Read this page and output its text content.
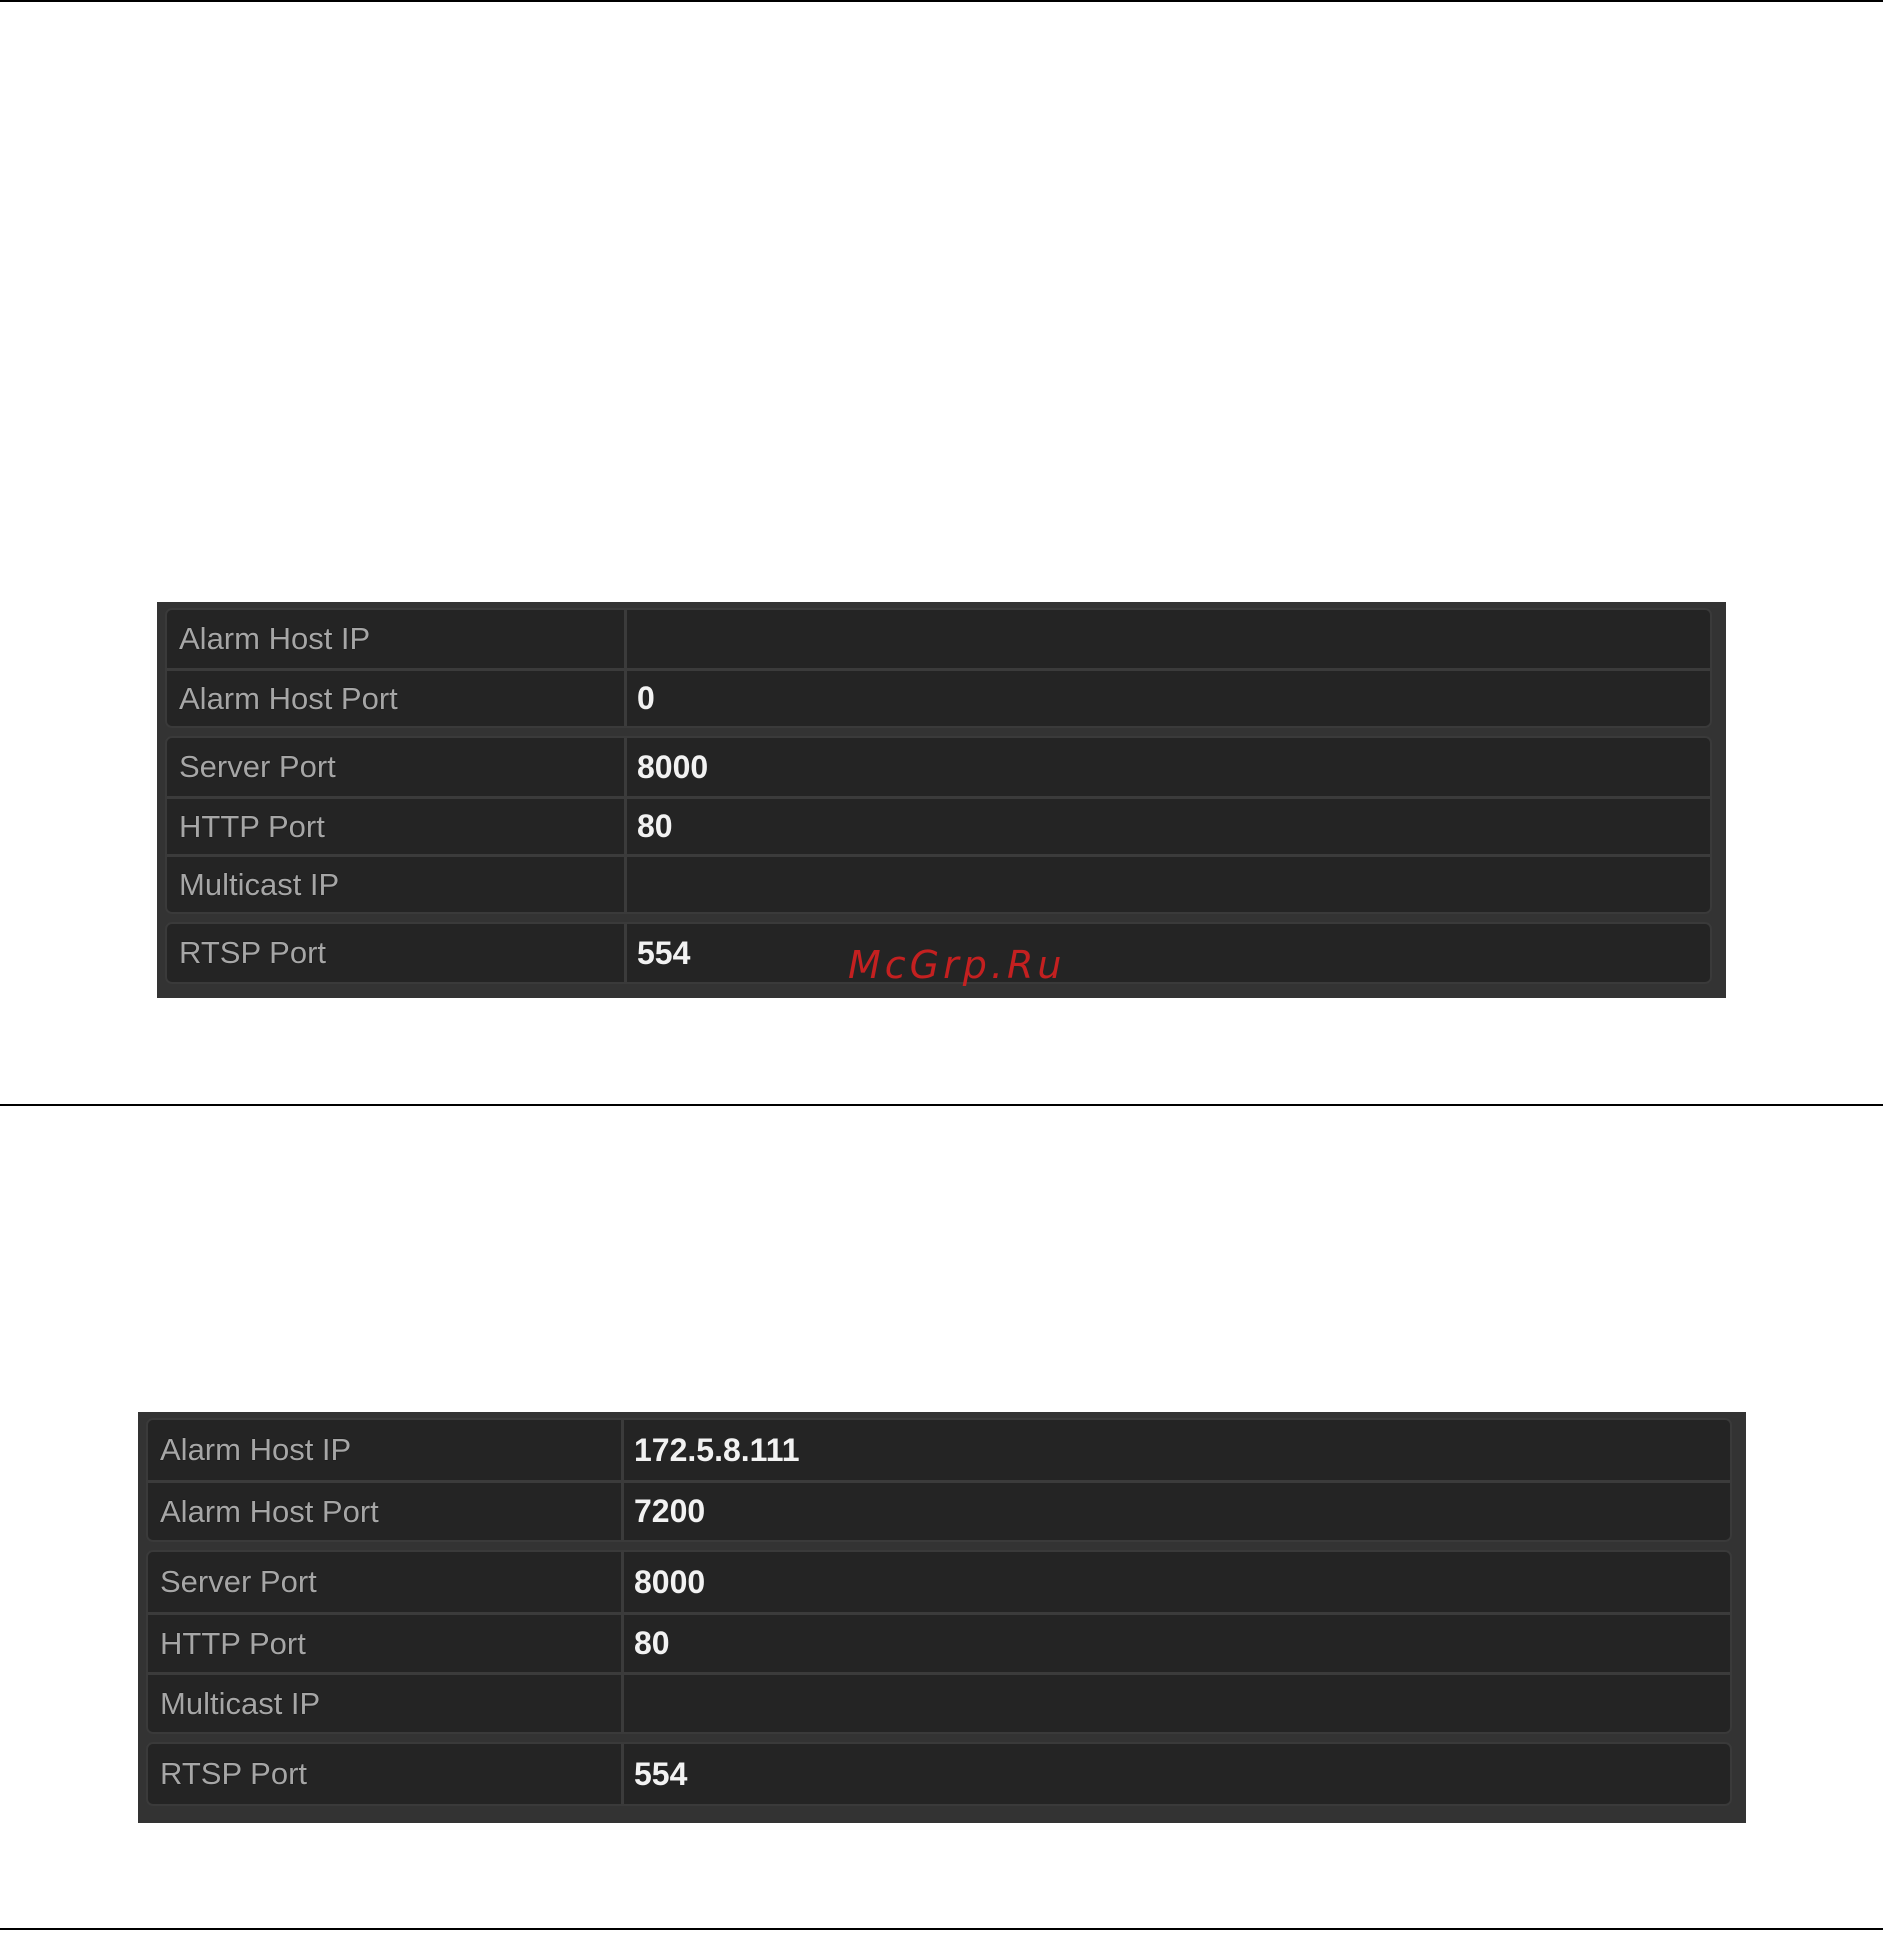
Alarm Host IP
Alarm Host Port	0
Server Port	8000
HTTP Port	80
Multicast IP
RTSP Port	554	McGrp.Ru
Alarm Host IP	172.5.8.111
Alarm Host Port	7200
Server Port	8000
HTTP Port	80
Multicast IP
RTSP Port	554
